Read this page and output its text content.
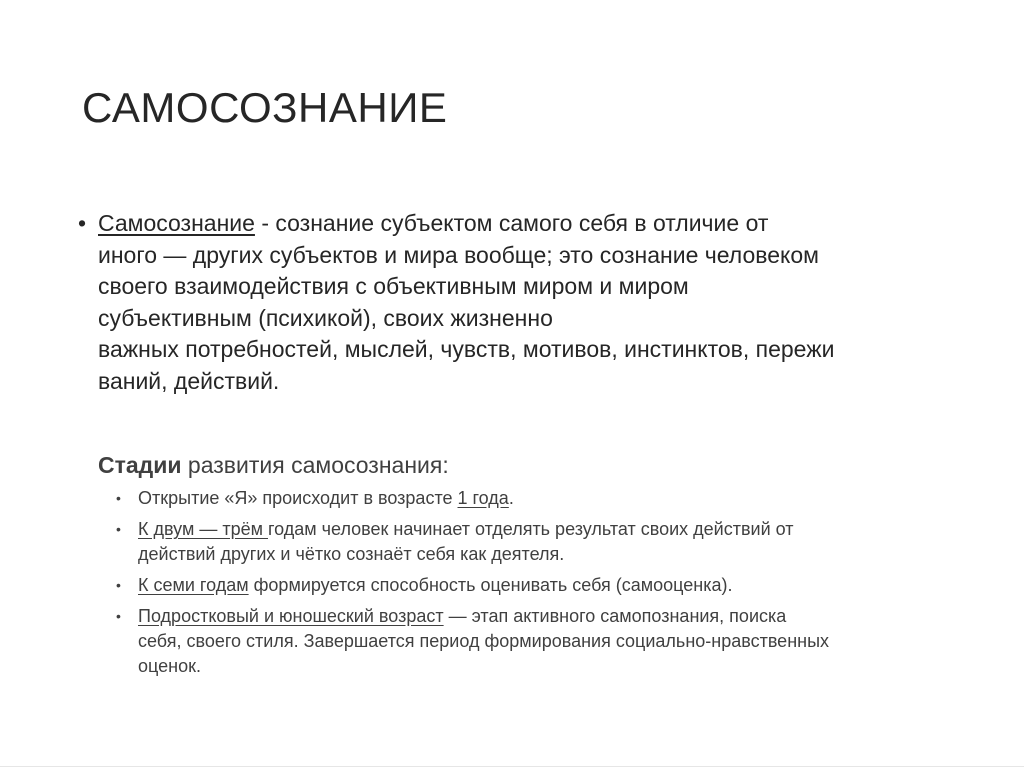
САМОСОЗНАНИЕ
• Самосознание - сознание субъектом самого себя в отличие от
иного — других субъектов и мира вообще; это сознание человеком
своего взаимодействия с объективным миром и миром
субъективным (психикой), своих жизненно
важных потребностей, мыслей, чувств, мотивов, инстинктов, пережи
ваний, действий.
Стадии развития самосознания:
• Открытие «Я» происходит в возрасте 1 года.
• К двум — трём годам человек начинает отделять результат своих действий от
действий других и чётко сознаёт себя как деятеля.
• К семи годам формируется способность оценивать себя (самооценка).
• Подростковый и юношеский возраст — этап активного самопознания, поиска
себя, своего стиля. Завершается период формирования социально-нравственных
оценок.
